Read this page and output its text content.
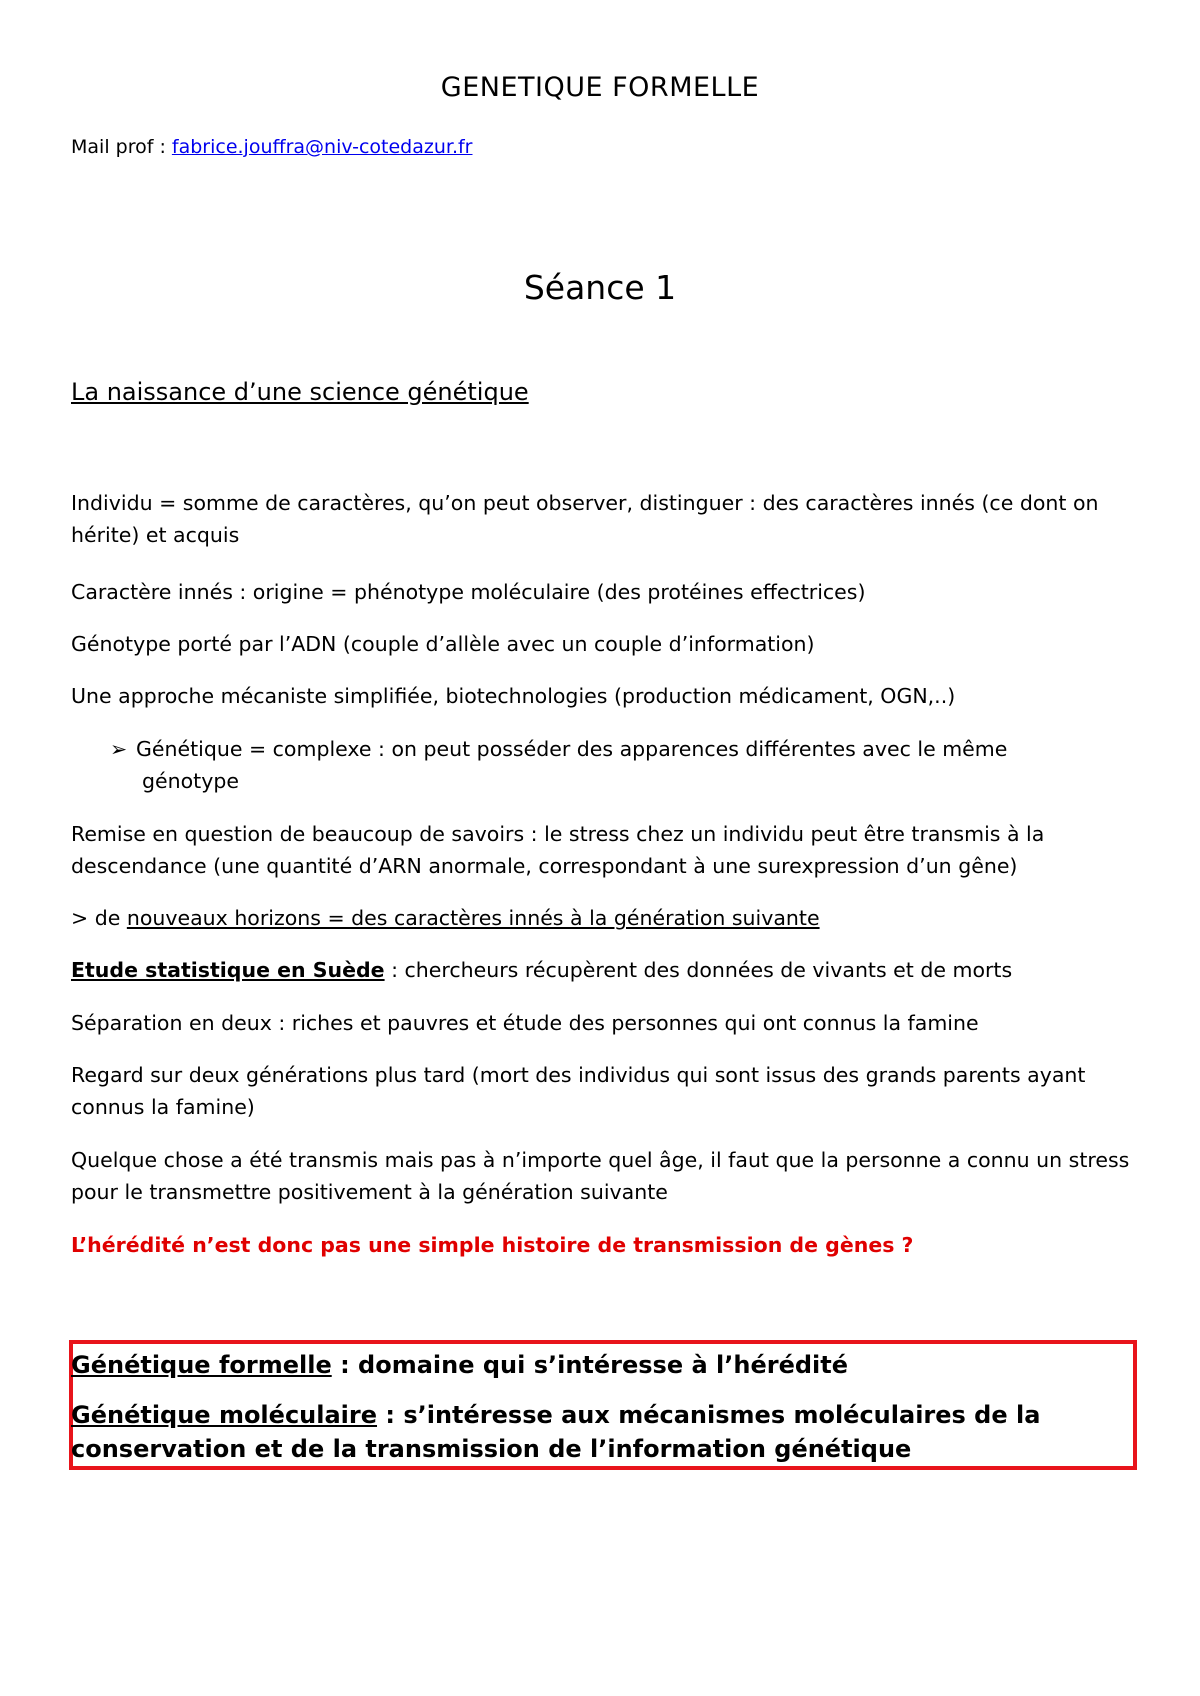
GENETIQUE FORMELLE
Mail prof : fabrice.jouffra@niv-cotedazur.fr
Séance 1
La naissance d’une science génétique
Individu = somme de caractères, qu’on peut observer, distinguer : des caractères innés (ce dont on hérite) et acquis
Caractère innés : origine = phénotype moléculaire (des protéines effectrices)
Génotype porté par l’ADN (couple d’allèle avec un couple d’information)
Une approche mécaniste simplifiée, biotechnologies (production médicament, OGN,..)
➢ Génétique = complexe : on peut posséder des apparences différentes avec le même
génotype
Remise en question de beaucoup de savoirs : le stress chez un individu peut être transmis à la descendance (une quantité d’ARN anormale, correspondant à une surexpression d’un gêne)
> de nouveaux horizons = des caractères innés à la génération suivante
Etude statistique en Suède : chercheurs récupèrent des données de vivants et de morts
Séparation en deux : riches et pauvres et étude des personnes qui ont connus la famine
Regard sur deux générations plus tard (mort des individus qui sont issus des grands parents ayant connus la famine)
Quelque chose a été transmis mais pas à n’importe quel âge, il faut que la personne a connu un stress pour le transmettre positivement à la génération suivante
L’hérédité n’est donc pas une simple histoire de transmission de gènes ?
Génétique formelle : domaine qui s’intéresse à l’hérédité
Génétique moléculaire : s’intéresse aux mécanismes moléculaires de la conservation et de la transmission de l’information génétique
